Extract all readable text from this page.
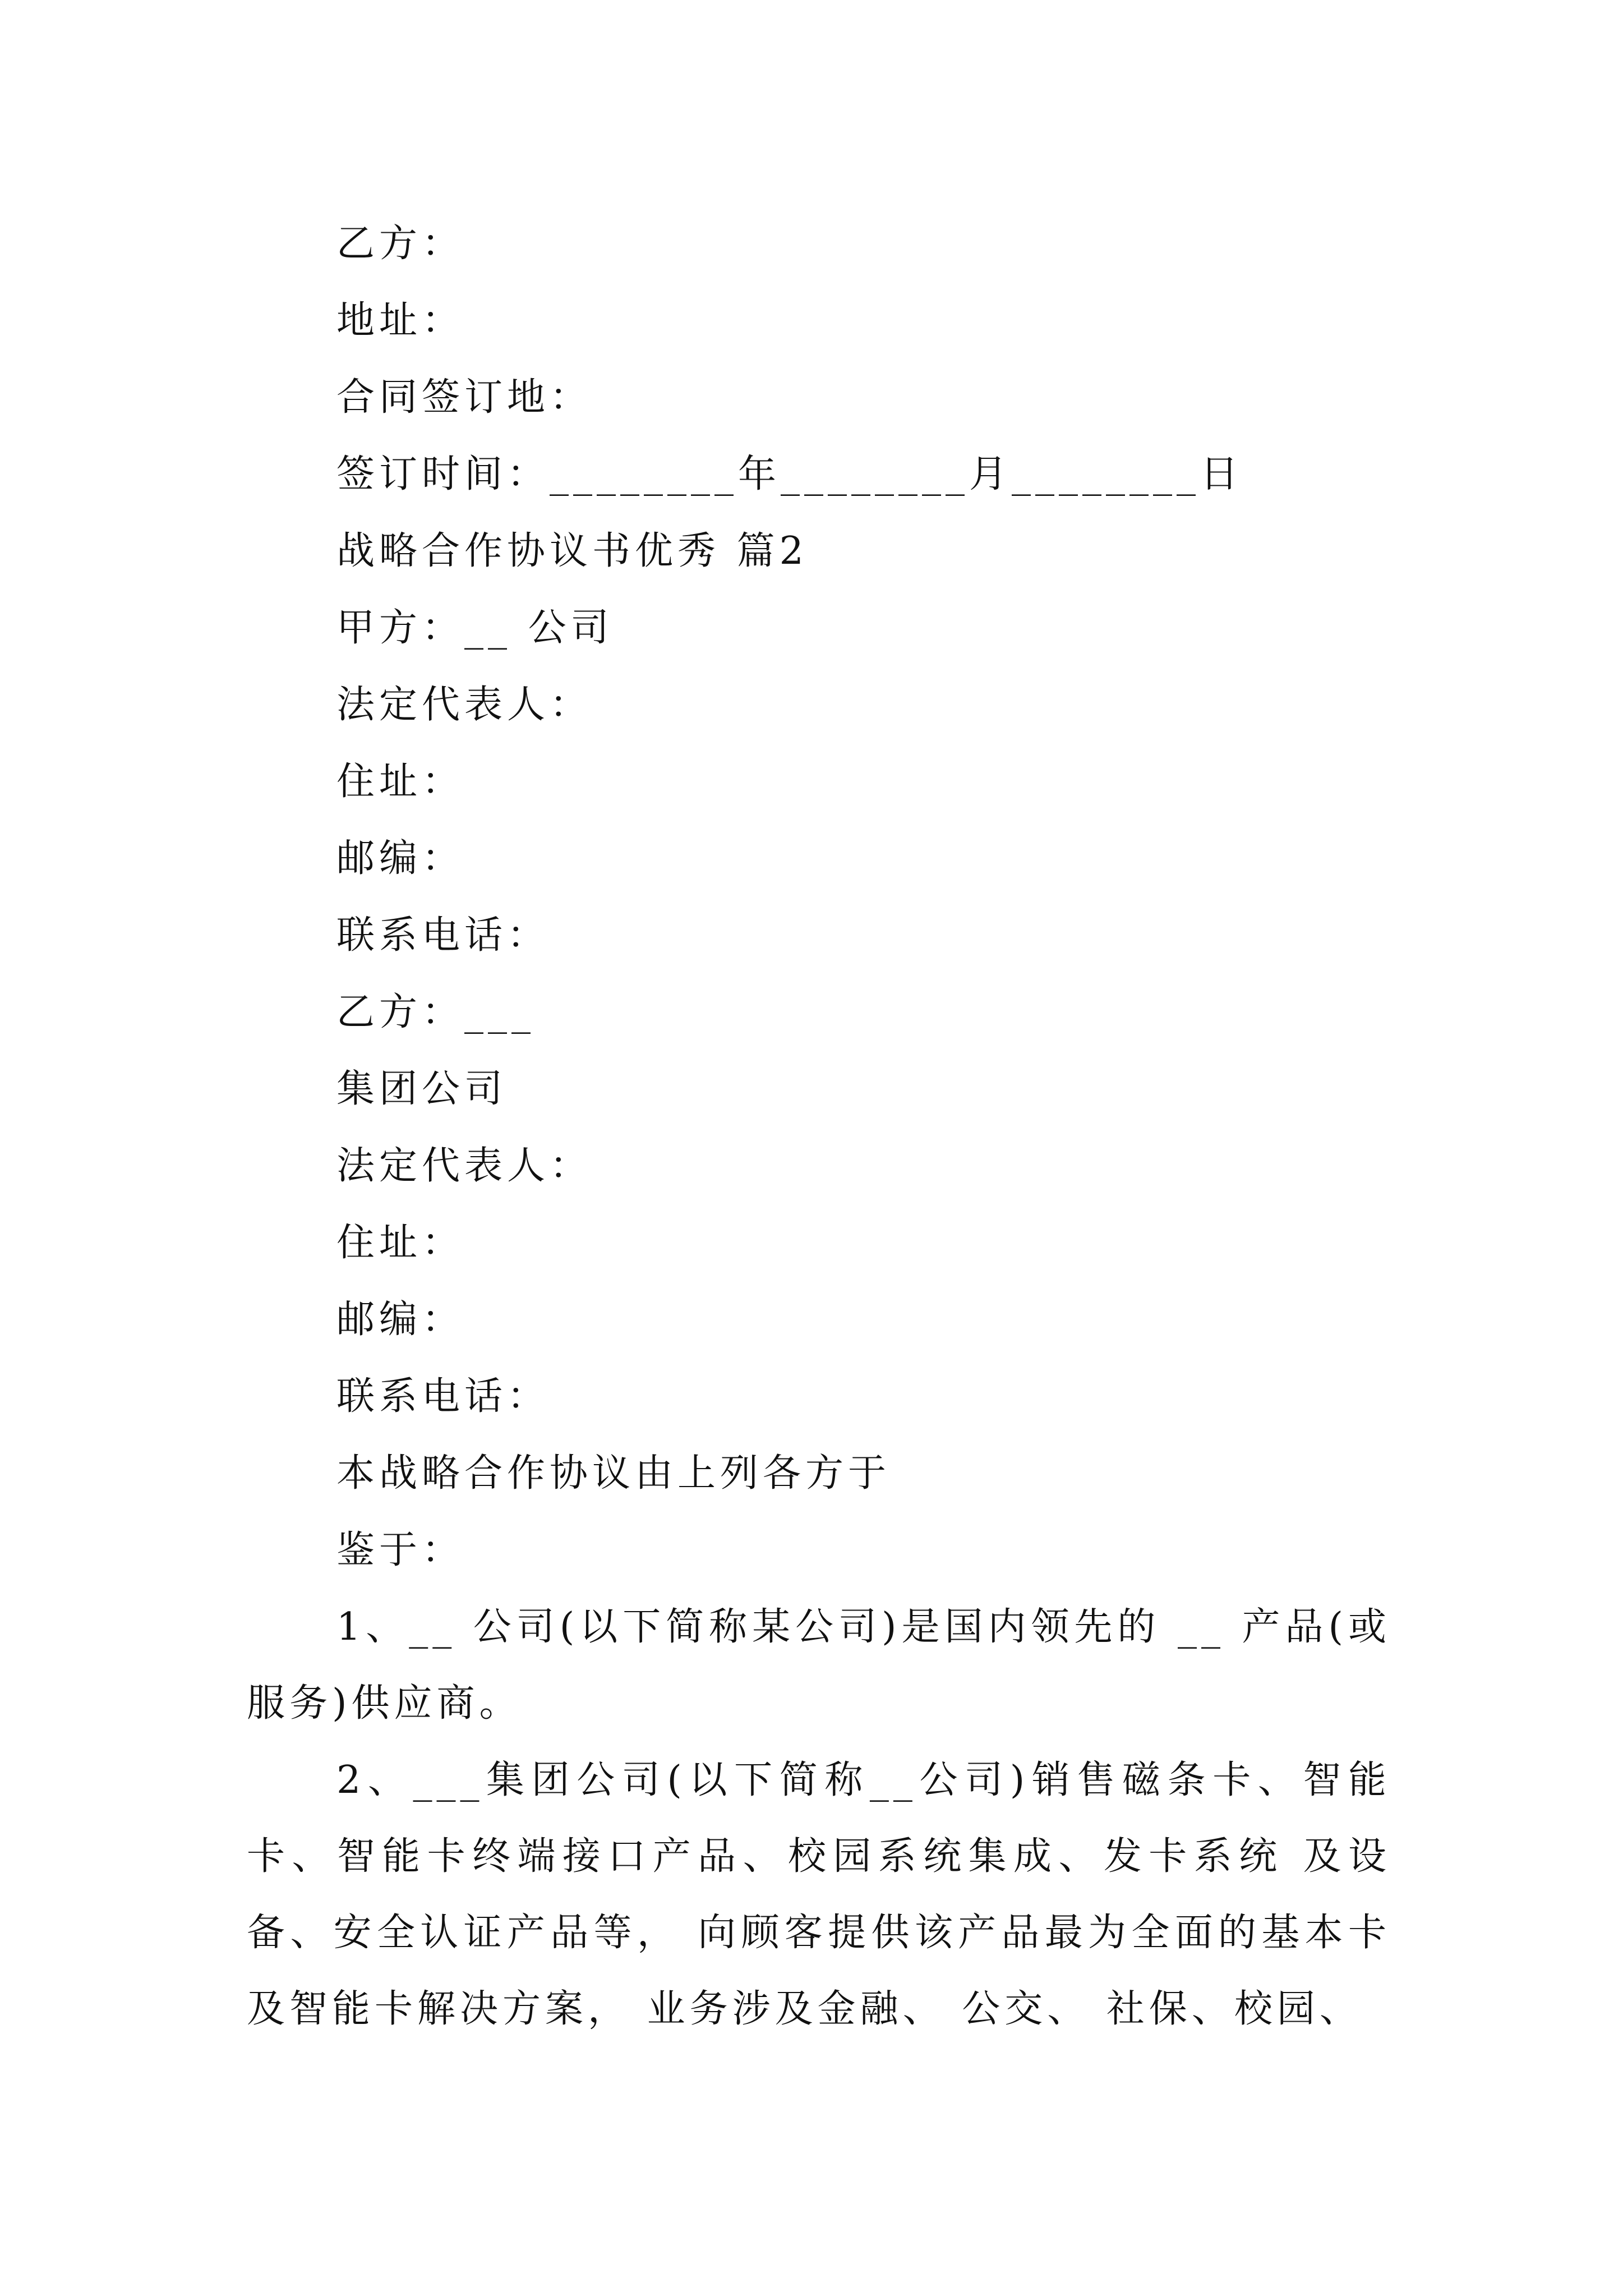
乙方：
地址：
合同签订地：
签订时间：________年________月________日
战略合作协议书优秀 篇2
甲方：__ 公司
法定代表人：
住址：
邮编：
联系电话：
乙方：___
集团公司
法定代表人：
住址：
邮编：
联系电话：
本战略合作协议由上列各方于
鉴于：
1、__ 公司(以下简称某公司)是国内领先的 __ 产品(或服务)供应商。
2、___集团公司(以下简称__公司)销售磁条卡、智能卡、智能卡终端接口产品、校园系统集成、发卡系统 及设备、安全认证产品等， 向顾客提供该产品最为全面的基本卡及智能卡解决方案， 业务涉及金融、 公交、 社保、校园、
